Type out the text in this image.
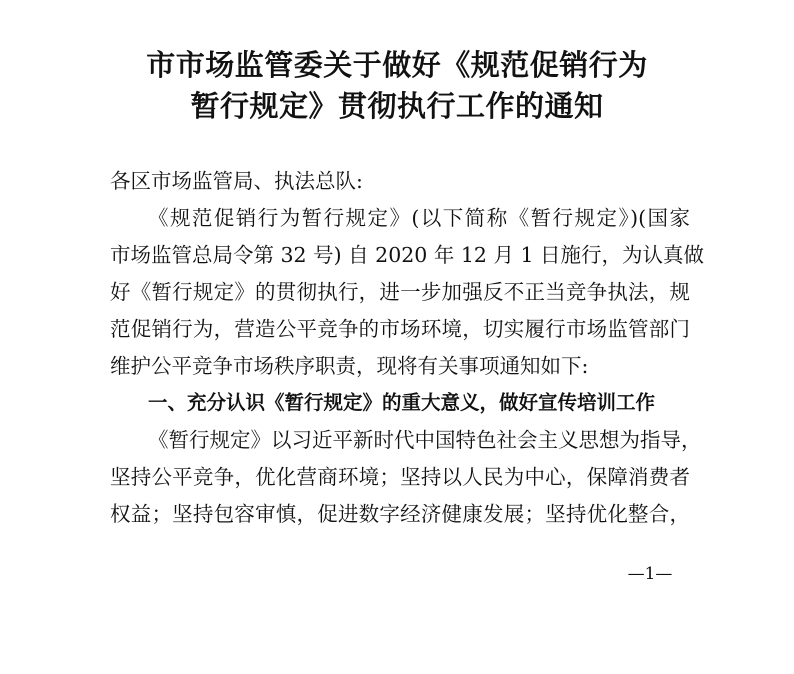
市市场监管委关于做好《规范促销行为
暂行规定》贯彻执行工作的通知
各区市场监管局、执法总队:
《规范促销行为暂行规定》(以下简称《暂行规定》)(国家
市场监管总局令第 32 号) 自 2020 年 12 月 1 日施行，为认真做
好《暂行规定》的贯彻执行，进一步加强反不正当竞争执法，规
范促销行为，营造公平竞争的市场环境，切实履行市场监管部门
维护公平竞争市场秩序职责，现将有关事项通知如下:
一、充分认识《暂行规定》的重大意义，做好宣传培训工作
《暂行规定》以习近平新时代中国特色社会主义思想为指导，
坚持公平竞争，优化营商环境；坚持以人民为中心，保障消费者
权益；坚持包容审慎，促进数字经济健康发展；坚持优化整合，
—1—
